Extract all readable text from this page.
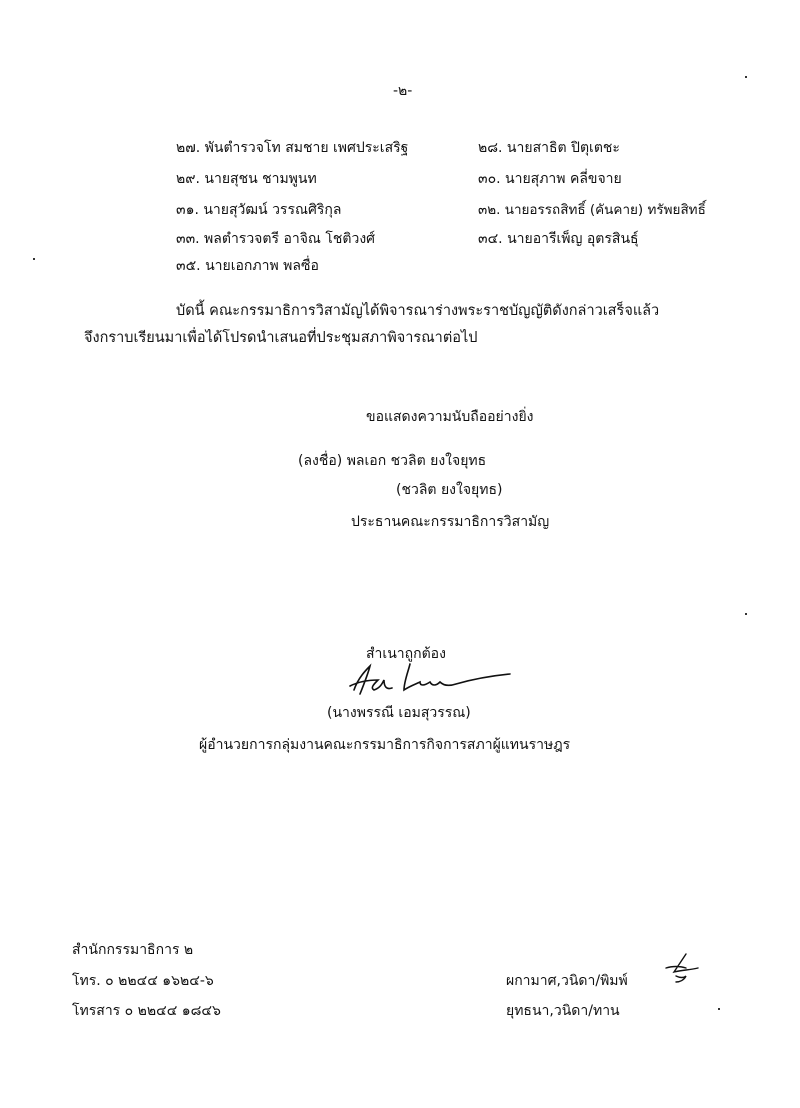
-๒-
๒๗. พันตำรวจโท สมชาย เพศประเสริฐ	๒๘. นายสาธิต ปิตุเตชะ
๒๙. นายสุชน ชามพูนท	๓๐. นายสุภาพ คลี่ขจาย
๓๑. นายสุวัฒน์ วรรณศิริกุล	๓๒. นายอรรถสิทธิ์ (คันคาย) ทรัพยสิทธิ์
๓๓. พลตำรวจตรี อาจิณ โชติวงศ์	๓๔. นายอารีเพ็ญ อุตรสินธุ์
๓๕. นายเอกภาพ พลซื่อ
บัดนี้ คณะกรรมาธิการวิสามัญได้พิจารณาร่างพระราชบัญญัติดังกล่าวเสร็จแล้ว
จึงกราบเรียนมาเพื่อได้โปรดนำเสนอที่ประชุมสภาพิจารณาต่อไป
ขอแสดงความนับถืออย่างยิ่ง
(ลงชื่อ) พลเอก ชวลิต ยงใจยุทธ
(ชวลิต ยงใจยุทธ)
ประธานคณะกรรมาธิการวิสามัญ
สำเนาถูกต้อง
(นางพรรณี เอมสุวรรณ)
ผู้อำนวยการกลุ่มงานคณะกรรมาธิการกิจการสภาผู้แทนราษฎร
สำนักกรรมาธิการ ๒
โทร. ๐ ๒๒๔๔ ๑๖๒๔-๖
โทรสาร ๐ ๒๒๔๔ ๑๘๔๖
ผกามาศ,วนิดา/พิมพ์
ยุทธนา,วนิดา/ทาน
